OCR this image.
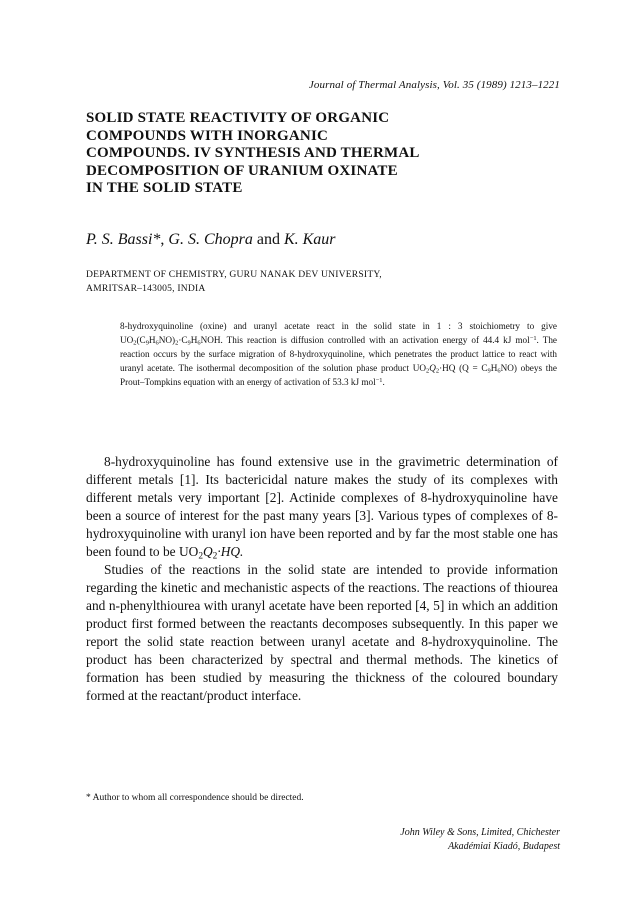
Journal of Thermal Analysis, Vol. 35 (1989) 1213–1221
SOLID STATE REACTIVITY OF ORGANIC
COMPOUNDS WITH INORGANIC
COMPOUNDS. IV SYNTHESIS AND THERMAL
DECOMPOSITION OF URANIUM OXINATE
IN THE SOLID STATE
P. S. Bassi*, G. S. Chopra and K. Kaur
DEPARTMENT OF CHEMISTRY, GURU NANAK DEV UNIVERSITY,
AMRITSAR–143005, INDIA
8-hydroxyquinoline (oxine) and uranyl acetate react in the solid state in 1 : 3 stoichiometry to give $UO_2(C_9H_6NO)_2\cdot C_9H_6NOH$. This reaction is diffusion controlled with an activation energy of 44.4 kJ mol$^{-1}$. The reaction occurs by the surface migration of 8-hydroxyquinoline, which penetrates the product lattice to react with uranyl acetate. The isothermal decomposition of the solution phase product $UO_2Q_2\cdot HQ$ $(Q = C_9H_6NO)$ obeys the Prout–Tompkins equation with an energy of activation of 53.3 kJ mol$^{-1}$.

8-hydroxyquinoline has found extensive use in the gravimetric determination of different metals [1]. Its bactericidal nature makes the study of its complexes with different metals very important [2]. Actinide complexes of 8-hydroxyquinoline have been a source of interest for the past many years [3]. Various types of complexes of 8-hydroxyquinoline with uranyl ion have been reported and by far the most stable one has been found to be $UO_2Q_2\cdot HQ$.

Studies of the reactions in the solid state are intended to provide information regarding the kinetic and mechanistic aspects of the reactions. The reactions of thiourea and n-phenylthiourea with uranyl acetate have been reported [4, 5] in which an addition product first formed between the reactants decomposes subsequently. In this paper we report the solid state reaction between uranyl acetate and 8-hydroxyquinoline. The product has been characterized by spectral and thermal methods. The kinetics of formation has been studied by measuring the thickness of the coloured boundary formed at the reactant/product interface.

* Author to whom all correspondence should be directed.
John Wiley & Sons, Limited, Chichester
Akadémiai Kiadó, Budapest
